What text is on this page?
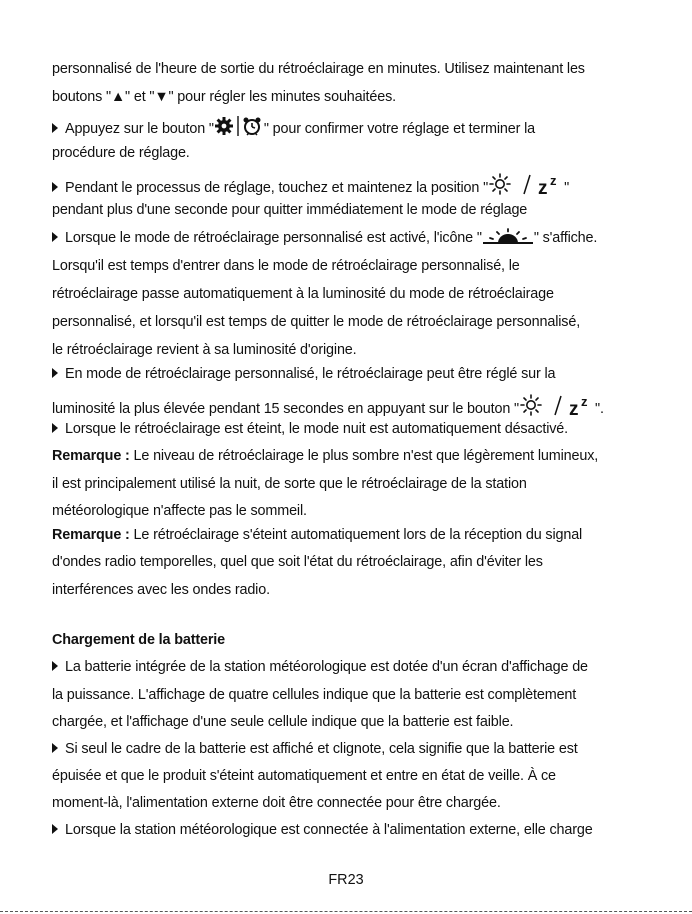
personnalisé de l'heure de sortie du rétroéclairage en minutes. Utilisez maintenant les
boutons "▲" et "▼" pour régler les minutes souhaitées.
Appuyez sur le bouton "	" pour confirmer votre réglage et terminer la
procédure de réglage.
Pendant le processus de réglage, touchez et maintenez la position "	z z "
pendant plus d'une seconde pour quitter immédiatement le mode de réglage
Lorsque le mode de rétroéclairage personnalisé est activé, l'icône "	" s'affiche.
Lorsqu'il est temps d'entrer dans le mode de rétroéclairage personnalisé, le
rétroéclairage passe automatiquement à la luminosité du mode de rétroéclairage
personnalisé, et lorsqu'il est temps de quitter le mode de rétroéclairage personnalisé,
le rétroéclairage revient à sa luminosité d'origine.
En mode de rétroéclairage personnalisé, le rétroéclairage peut être réglé sur la
luminosité la plus élevée pendant 15 secondes en appuyant sur le bouton "	z z ".
Lorsque le rétroéclairage est éteint, le mode nuit est automatiquement désactivé.
Remarque : Le niveau de rétroéclairage le plus sombre n'est que légèrement lumineux,
il est principalement utilisé la nuit, de sorte que le rétroéclairage de la station
météorologique n'affecte pas le sommeil.
Remarque : Le rétroéclairage s'éteint automatiquement lors de la réception du signal
d'ondes radio temporelles, quel que soit l'état du rétroéclairage, afin d'éviter les
interférences avec les ondes radio.
Chargement de la batterie
La batterie intégrée de la station météorologique est dotée d'un écran d'affichage de
la puissance. L'affichage de quatre cellules indique que la batterie est complètement
chargée, et l'affichage d'une seule cellule indique que la batterie est faible.
Si seul le cadre de la batterie est affiché et clignote, cela signifie que la batterie est
épuisée et que le produit s'éteint automatiquement et entre en état de veille. À ce
moment-là, l'alimentation externe doit être connectée pour être chargée.
Lorsque la station météorologique est connectée à l'alimentation externe, elle charge
FR23
